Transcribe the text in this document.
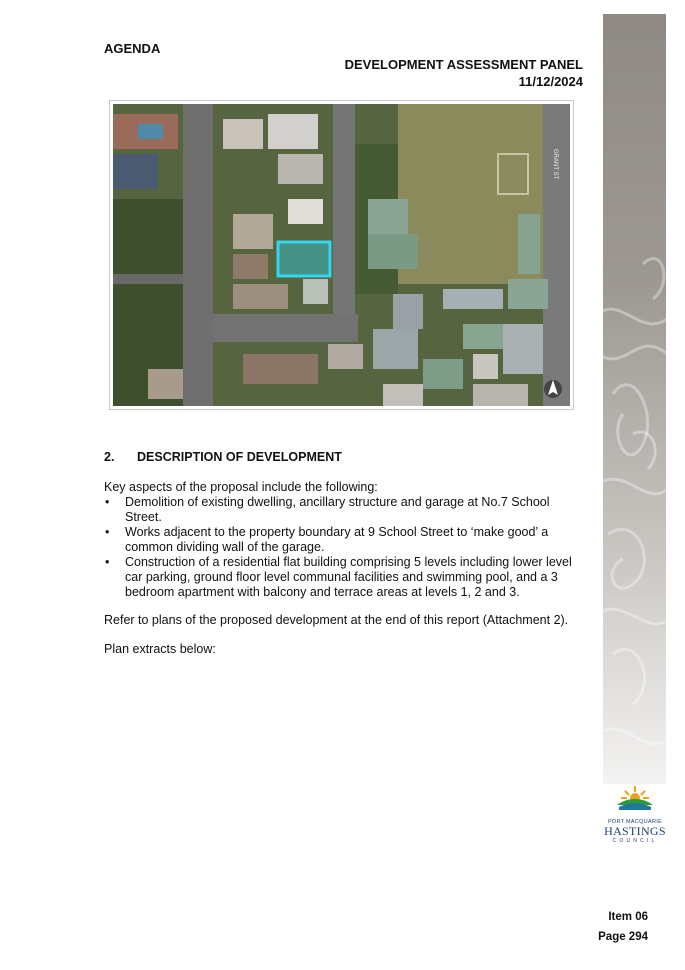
AGENDA
DEVELOPMENT ASSESSMENT PANEL
11/12/2024
GRANT ST
2. DESCRIPTION OF DEVELOPMENT
Key aspects of the proposal include the following:
• Demolition of existing dwelling, ancillary structure and garage at No.7 School Street.
• Works adjacent to the property boundary at 9 School Street to ‘make good’ a common dividing wall of the garage.
• Construction of a residential flat building comprising 5 levels including lower level car parking, ground floor level communal facilities and swimming pool, and a 3 bedroom apartment with balcony and terrace areas at levels 1, 2 and 3.
Refer to plans of the proposed development at the end of this report (Attachment 2).
Plan extracts below:
PORT MACQUARIE
HASTINGS
COUNCIL
Item 06
Page 294
